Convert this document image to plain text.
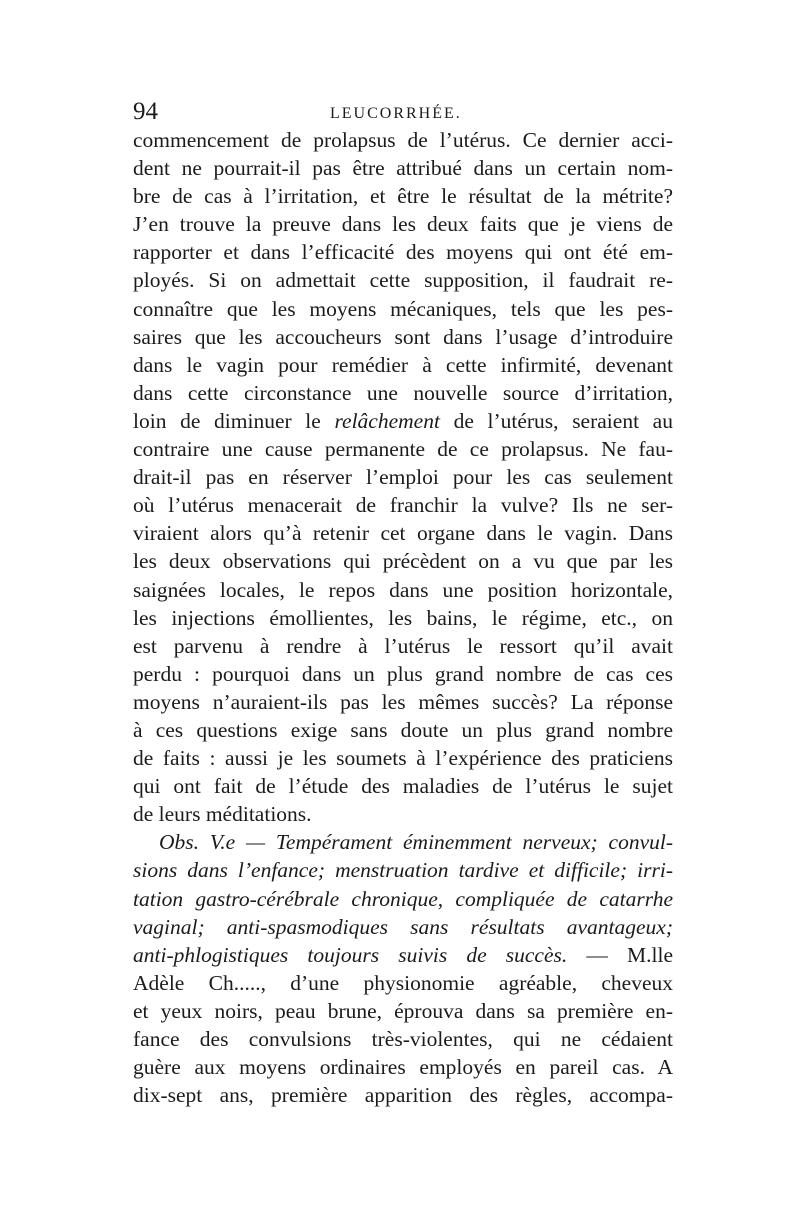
94	LEUCORRHÉE.
commencement de prolapsus de l’utérus. Ce dernier acci-
dent ne pourrait-il pas être attribué dans un certain nom-
bre de cas à l’irritation, et être le résultat de la métrite?
J’en trouve la preuve dans les deux faits que je viens de
rapporter et dans l’efficacité des moyens qui ont été em-
ployés. Si on admettait cette supposition, il faudrait re-
connaître que les moyens mécaniques, tels que les pes-
saires que les accoucheurs sont dans l’usage d’introduire
dans le vagin pour remédier à cette infirmité, devenant
dans cette circonstance une nouvelle source d’irritation,
loin de diminuer le relâchement de l’utérus, seraient au
contraire une cause permanente de ce prolapsus. Ne fau-
drait-il pas en réserver l’emploi pour les cas seulement
où l’utérus menacerait de franchir la vulve? Ils ne ser-
viraient alors qu’à retenir cet organe dans le vagin. Dans
les deux observations qui précèdent on a vu que par les
saignées locales, le repos dans une position horizontale,
les injections émollientes, les bains, le régime, etc., on
est parvenu à rendre à l’utérus le ressort qu’il avait
perdu : pourquoi dans un plus grand nombre de cas ces
moyens n’auraient-ils pas les mêmes succès? La réponse
à ces questions exige sans doute un plus grand nombre
de faits : aussi je les soumets à l’expérience des praticiens
qui ont fait de l’étude des maladies de l’utérus le sujet
de leurs méditations.
Obs. V.e — Tempérament éminemment nerveux; convul-
sions dans l’enfance; menstruation tardive et difficile; irri-
tation gastro-cérébrale chronique, compliquée de catarrhe
vaginal; anti-spasmodiques sans résultats avantageux;
anti-phlogistiques toujours suivis de succès. — M.lle
Adèle Ch....., d’une physionomie agréable, cheveux
et yeux noirs, peau brune, éprouva dans sa première en-
fance des convulsions très-violentes, qui ne cédaient
guère aux moyens ordinaires employés en pareil cas. A
dix-sept ans, première apparition des règles, accompa-
